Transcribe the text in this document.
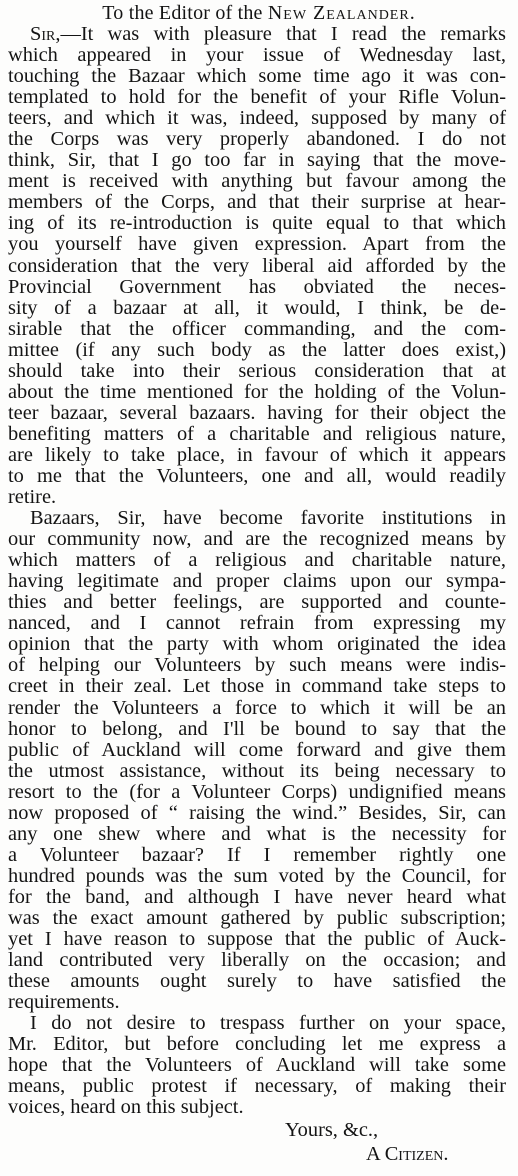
To the Editor of the New Zealander.

Sir,—It was with pleasure that I read the remarks
which appeared in your issue of Wednesday last,
touching the Bazaar which some time ago it was con-
templated to hold for the benefit of your Rifle Volun-
teers, and which it was, indeed, supposed by many of
the Corps was very properly abandoned. I do not
think, Sir, that I go too far in saying that the move-
ment is received with anything but favour among the
members of the Corps, and that their surprise at hear-
ing of its re-introduction is quite equal to that which
you yourself have given expression. Apart from the
consideration that the very liberal aid afforded by the
Provincial Government has obviated the neces-
sity of a bazaar at all, it would, I think, be de-
sirable that the officer commanding, and the com-
mittee (if any such body as the latter does exist,)
should take into their serious consideration that at
about the time mentioned for the holding of the Volun-
teer bazaar, several bazaars. having for their object the
benefiting matters of a charitable and religious nature,
are likely to take place, in favour of which it appears
to me that the Volunteers, one and all, would readily
retire.

Bazaars, Sir, have become favorite institutions in
our community now, and are the recognized means by
which matters of a religious and charitable nature,
having legitimate and proper claims upon our sympa-
thies and better feelings, are supported and counte-
nanced, and I cannot refrain from expressing my
opinion that the party with whom originated the idea
of helping our Volunteers by such means were indis-
creet in their zeal. Let those in command take steps to
render the Volunteers a force to which it will be an
honor to belong, and I'll be bound to say that the
public of Auckland will come forward and give them
the utmost assistance, without its being necessary to
resort to the (for a Volunteer Corps) undignified means
now proposed of “ raising the wind.” Besides, Sir, can
any one shew where and what is the necessity for
a Volunteer bazaar? If I remember rightly one
hundred pounds was the sum voted by the Council, for
for the band, and although I have never heard what
was the exact amount gathered by public subscription;
yet I have reason to suppose that the public of Auck-
land contributed very liberally on the occasion; and
these amounts ought surely to have satisfied the
requirements.

I do not desire to trespass further on your space,
Mr. Editor, but before concluding let me express a
hope that the Volunteers of Auckland will take some
means, public protest if necessary, of making their
voices, heard on this subject.

Yours, &c.,
A Citizen.
